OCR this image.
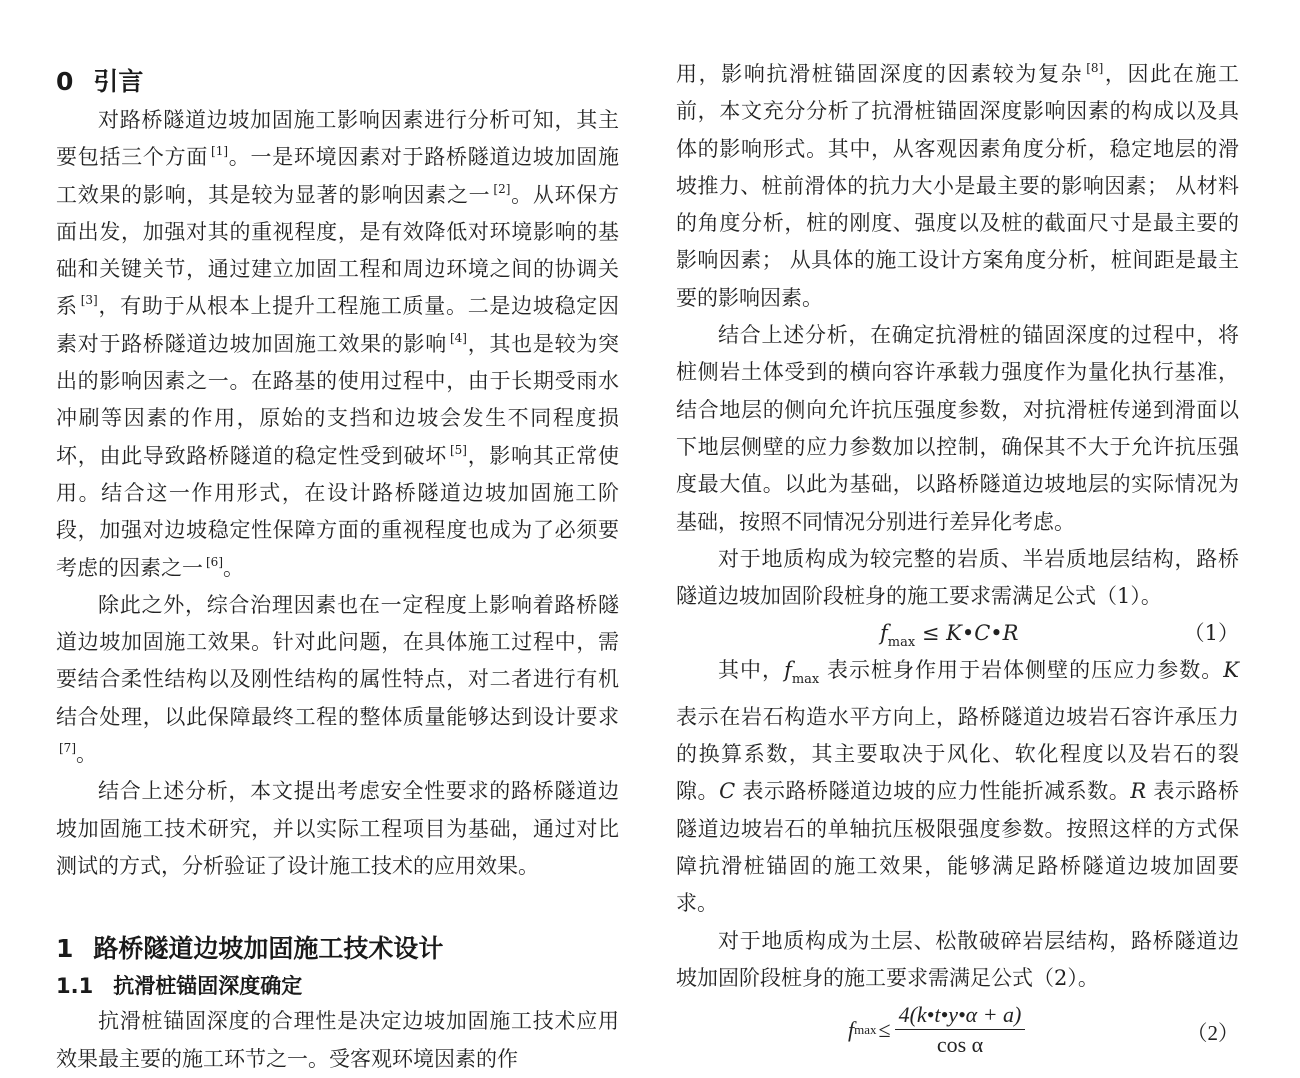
0 引言

对路桥隧道边坡加固施工影响因素进行分析可知，其主要包括三个方面 [1]。一是环境因素对于路桥隧道边坡加固施工效果的影响，其是较为显著的影响因素之一 [2]。从环保方面出发，加强对其的重视程度，是有效降低对环境影响的基础和关键关节，通过建立加固工程和周边环境之间的协调关系 [3]，有助于从根本上提升工程施工质量。二是边坡稳定因素对于路桥隧道边坡加固施工效果的影响 [4]，其也是较为突出的影响因素之一。在路基的使用过程中，由于长期受雨水冲刷等因素的作用，原始的支挡和边坡会发生不同程度损坏，由此导致路桥隧道的稳定性受到破坏 [5]，影响其正常使用。结合这一作用形式，在设计路桥隧道边坡加固施工阶段，加强对边坡稳定性保障方面的重视程度也成为了必须要考虑的因素之一 [6]。

除此之外，综合治理因素也在一定程度上影响着路桥隧道边坡加固施工效果。针对此问题，在具体施工过程中，需要结合柔性结构以及刚性结构的属性特点，对二者进行有机结合处理，以此保障最终工程的整体质量能够达到设计要求[7]。

结合上述分析，本文提出考虑安全性要求的路桥隧道边坡加固施工技术研究，并以实际工程项目为基础，通过对比测试的方式，分析验证了设计施工技术的应用效果。

1 路桥隧道边坡加固施工技术设计
1.1 抗滑桩锚固深度确定

抗滑桩锚固深度的合理性是决定边坡加固施工技术应用效果最主要的施工环节之一。受客观环境因素的作

用，影响抗滑桩锚固深度的因素较为复杂 [8]，因此在施工前，本文充分分析了抗滑桩锚固深度影响因素的构成以及具体的影响形式。其中，从客观因素角度分析，稳定地层的滑坡推力、桩前滑体的抗力大小是最主要的影响因素； 从材料的角度分析，桩的刚度、强度以及桩的截面尺寸是最主要的影响因素； 从具体的施工设计方案角度分析，桩间距是最主要的影响因素。

结合上述分析，在确定抗滑桩的锚固深度的过程中，将桩侧岩土体受到的横向容许承载力强度作为量化执行基准，结合地层的侧向允许抗压强度参数，对抗滑桩传递到滑面以下地层侧壁的应力参数加以控制，确保其不大于允许抗压强度最大值。以此为基础，以路桥隧道边坡地层的实际情况为基础，按照不同情况分别进行差异化考虑。

对于地质构成为较完整的岩质、半岩质地层结构，路桥隧道边坡加固阶段桩身的施工要求需满足公式（1）。

$f_{max}$ ≤ K•C•R	（1）

其中，$f_{max}$ 表示桩身作用于岩体侧壁的压应力参数。K 表示在岩石构造水平方向上，路桥隧道边坡岩石容许承压力的换算系数，其主要取决于风化、软化程度以及岩石的裂隙。C 表示路桥隧道边坡的应力性能折减系数。R 表示路桥隧道边坡岩石的单轴抗压极限强度参数。按照这样的方式保障抗滑桩锚固的施工效果，能够满足路桥隧道边坡加固要求。

对于地质构成为土层、松散破碎岩层结构，路桥隧道边坡加固阶段桩身的施工要求需满足公式（2）。

f $\max \le \frac{4(k•t•y•\alpha + a)}{\text{cos α}}$	（2）
